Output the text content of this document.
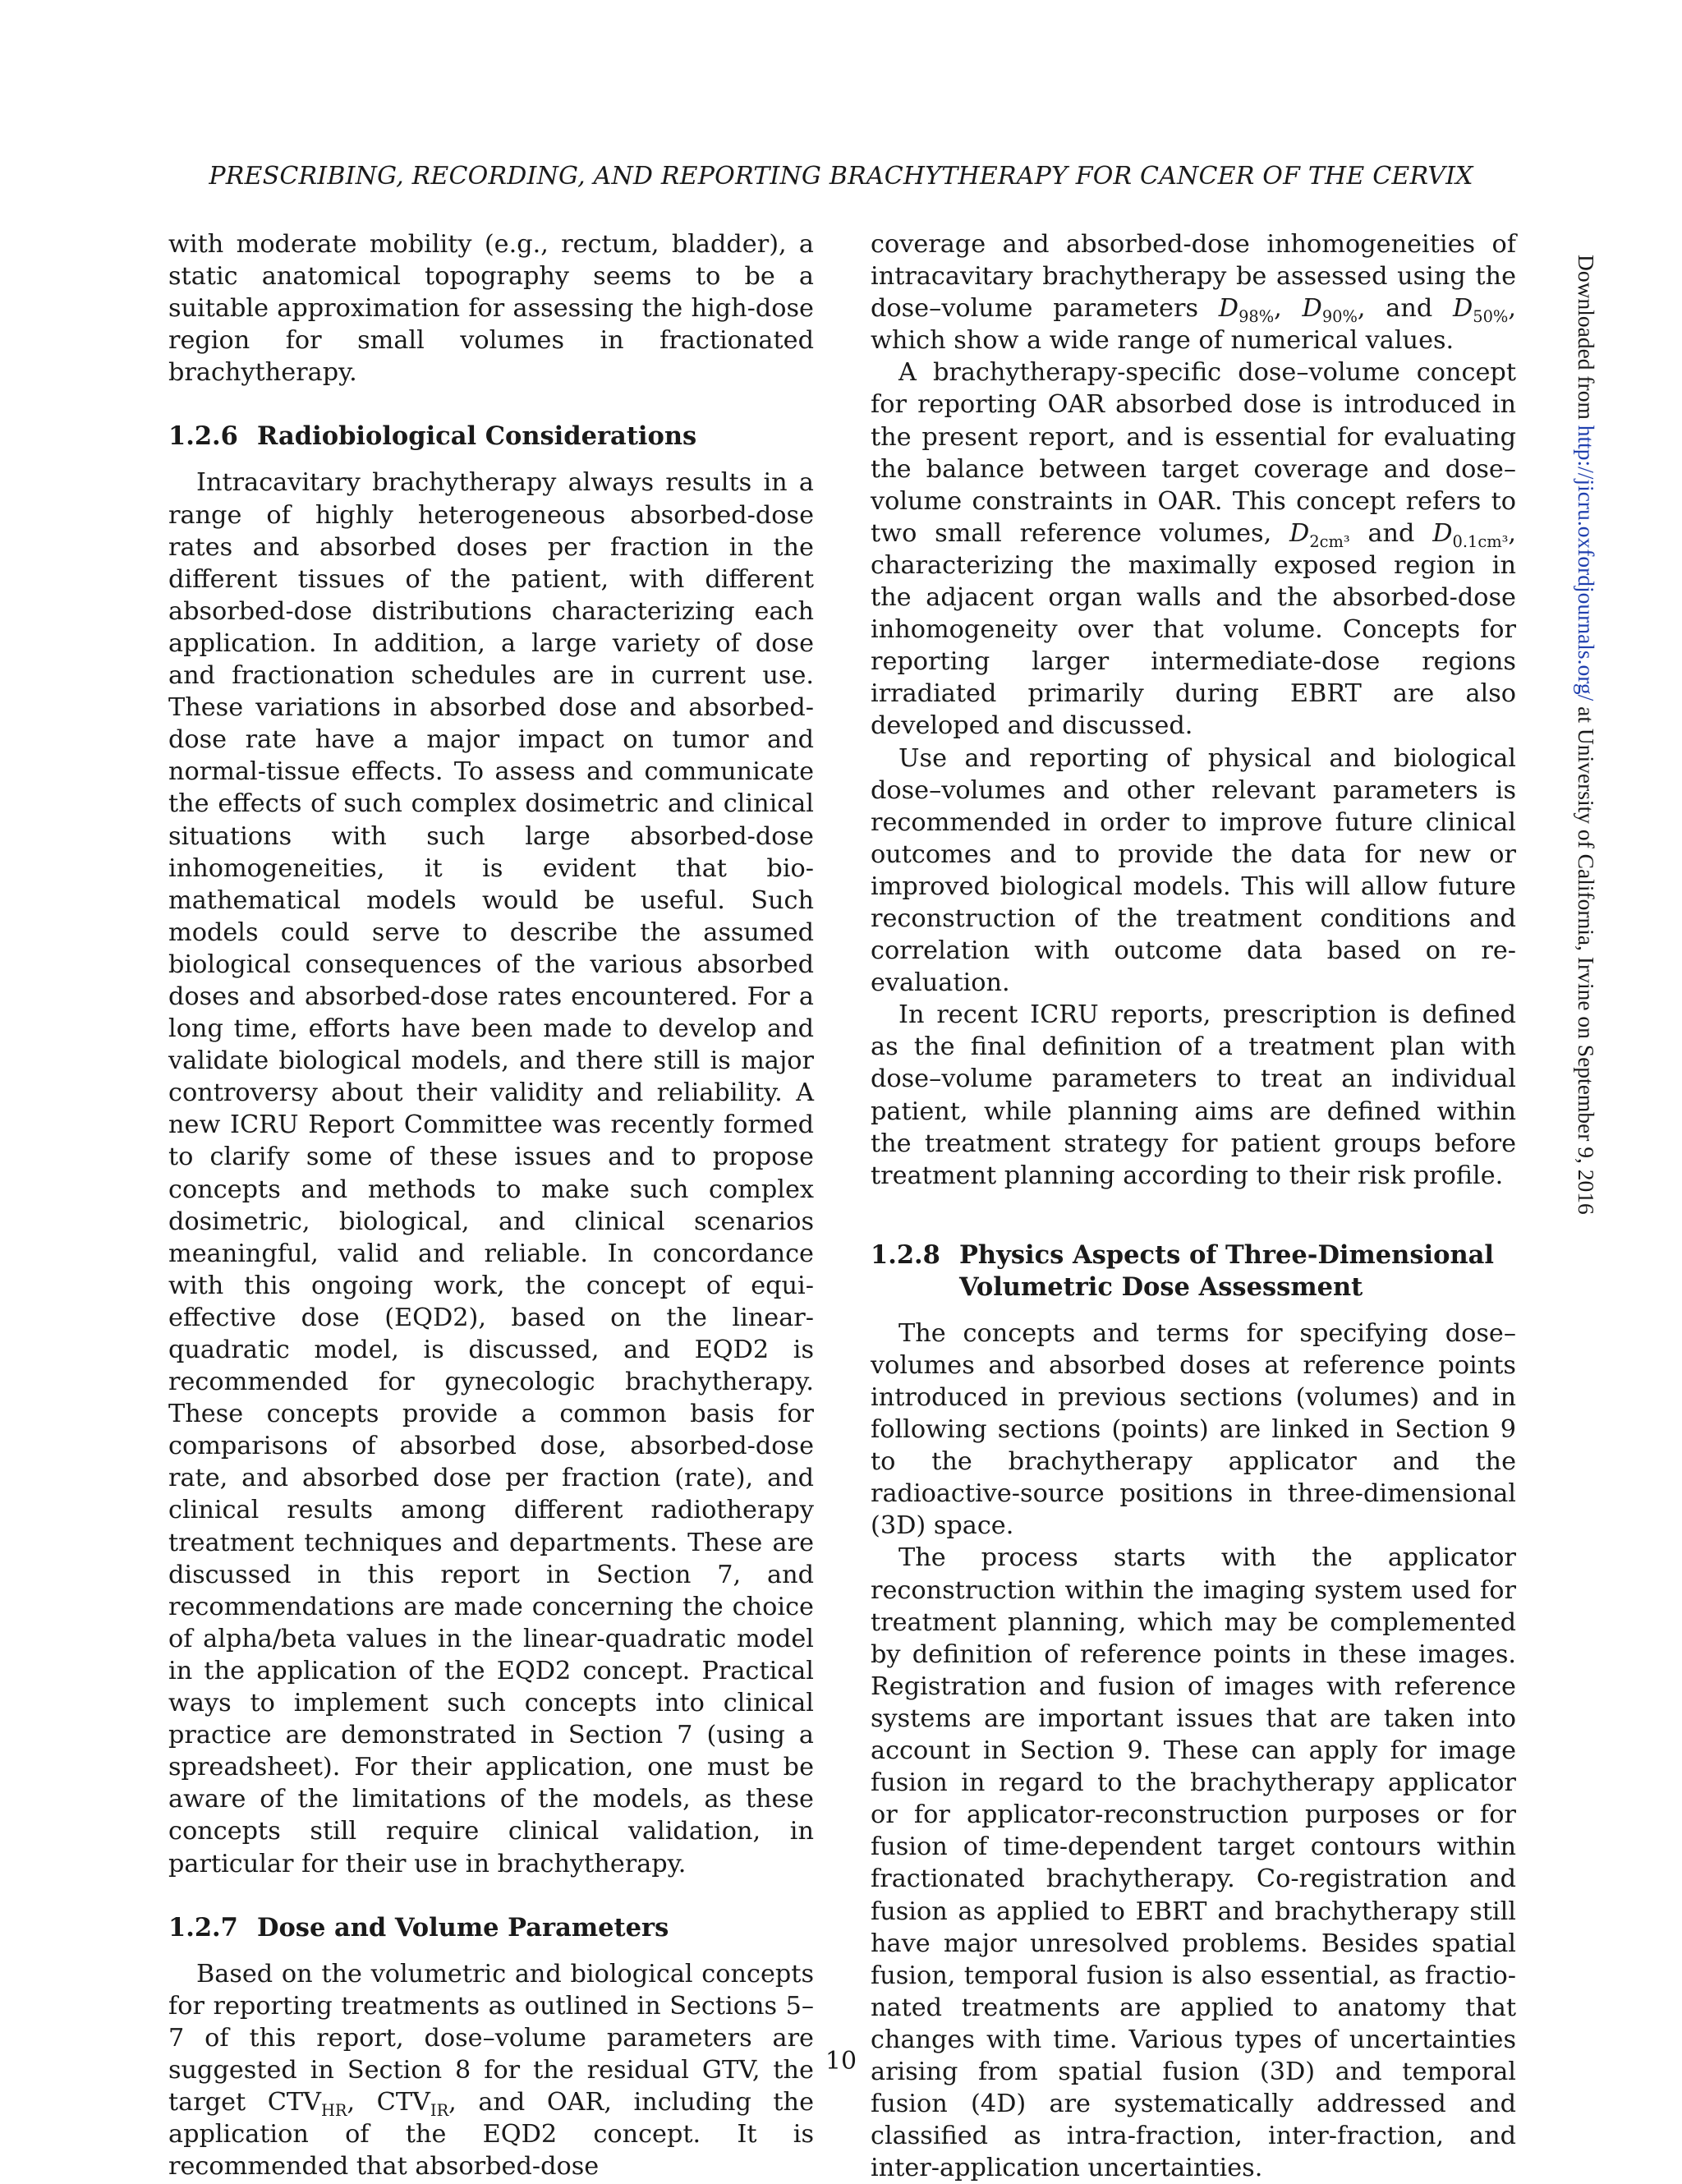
PRESCRIBING, RECORDING, AND REPORTING BRACHYTHERAPY FOR CANCER OF THE CERVIX

with moderate mobility (e.g., rectum, bladder), a static anatomical topography seems to be a suitable approximation for assessing the high-dose region for small volumes in fractionated brachytherapy.

1.2.6 Radiobiological Considerations

Intracavitary brachytherapy always results in a range of highly heterogeneous absorbed-dose rates and absorbed doses per fraction in the different tissues of the patient, with different absorbed-dose distributions characterizing each application. In addition, a large variety of dose and fractionation schedules are in current use. These variations in absorbed dose and absorbed-dose rate have a major impact on tumor and normal-tissue effects. To assess and communicate the effects of such complex dosimetric and clinical situations with such large absorbed-dose inhomogeneities, it is evident that bio-mathematical models would be useful. Such models could serve to describe the assumed biological consequences of the various absorbed doses and absorbed-dose rates encountered. For a long time, efforts have been made to develop and validate biological models, and there still is major controversy about their validity and reliability. A new ICRU Report Committee was recently formed to clarify some of these issues and to propose concepts and methods to make such complex dosimetric, biological, and clinical scenarios meaningful, valid and reliable. In concordance with this ongoing work, the concept of equi-effective dose (EQD2), based on the linear-quadratic model, is discussed, and EQD2 is recommended for gynecologic brachytherapy. These concepts provide a common basis for comparisons of absorbed dose, absorbed-dose rate, and absorbed dose per fraction (rate), and clinical results among different radiotherapy treatment techniques and departments. These are discussed in this report in Section 7, and recommendations are made concerning the choice of alpha/beta values in the linear-quadratic model in the application of the EQD2 concept. Practical ways to implement such concepts into clinical practice are demonstrated in Section 7 (using a spreadsheet). For their application, one must be aware of the limitations of the models, as these concepts still require clinical validation, in particular for their use in brachytherapy.

1.2.7 Dose and Volume Parameters

Based on the volumetric and biological concepts for reporting treatments as outlined in Sections 5–7 of this report, dose–volume parameters are suggested in Section 8 for the residual GTV, the target $CTV_{HR}$, $CTV_{IR}$, and OAR, including the application of the EQD2 concept. It is recommended that absorbed-dose

coverage and absorbed-dose inhomogeneities of intracavitary brachytherapy be assessed using the dose–volume parameters $D_{98\%}$, $D_{90\%}$, and $D_{50\%}$, which show a wide range of numerical values.

A brachytherapy-specific dose–volume concept for reporting OAR absorbed dose is introduced in the present report, and is essential for evaluating the balance between target coverage and dose–volume constraints in OAR. This concept refers to two small reference volumes, $D_{2cm^3}$ and $D_{0.1cm^3}$, characterizing the maximally exposed region in the adjacent organ walls and the absorbed-dose inhomogeneity over that volume. Concepts for reporting larger intermediate-dose regions irradiated primarily during EBRT are also developed and discussed.

Use and reporting of physical and biological dose–volumes and other relevant parameters is recommended in order to improve future clinical outcomes and to provide the data for new or improved biological models. This will allow future reconstruction of the treatment conditions and correlation with outcome data based on re-evaluation.

In recent ICRU reports, prescription is defined as the final definition of a treatment plan with dose–volume parameters to treat an individual patient, while planning aims are defined within the treatment strategy for patient groups before treatment planning according to their risk profile.

1.2.8 Physics Aspects of Three-Dimensional Volumetric Dose Assessment

The concepts and terms for specifying dose–volumes and absorbed doses at reference points introduced in previous sections (volumes) and in following sections (points) are linked in Section 9 to the brachytherapy applicator and the radioactive-source positions in three-dimensional (3D) space.

The process starts with the applicator reconstruction within the imaging system used for treatment planning, which may be complemented by definition of reference points in these images. Registration and fusion of images with reference systems are important issues that are taken into account in Section 9. These can apply for image fusion in regard to the brachytherapy applicator or for applicator-reconstruction purposes or for fusion of time-dependent target contours within fractionated brachytherapy. Co-registration and fusion as applied to EBRT and brachytherapy still have major unresolved problems. Besides spatial fusion, temporal fusion is also essential, as fractionated treatments are applied to anatomy that changes with time. Various types of uncertainties arising from spatial fusion (3D) and temporal fusion (4D) are systematically addressed and classified as intra-fraction, inter-fraction, and inter-application uncertainties.

10
Downloaded from http://jicru.oxfordjournals.org/ at University of California, Irvine on September 9, 2016
